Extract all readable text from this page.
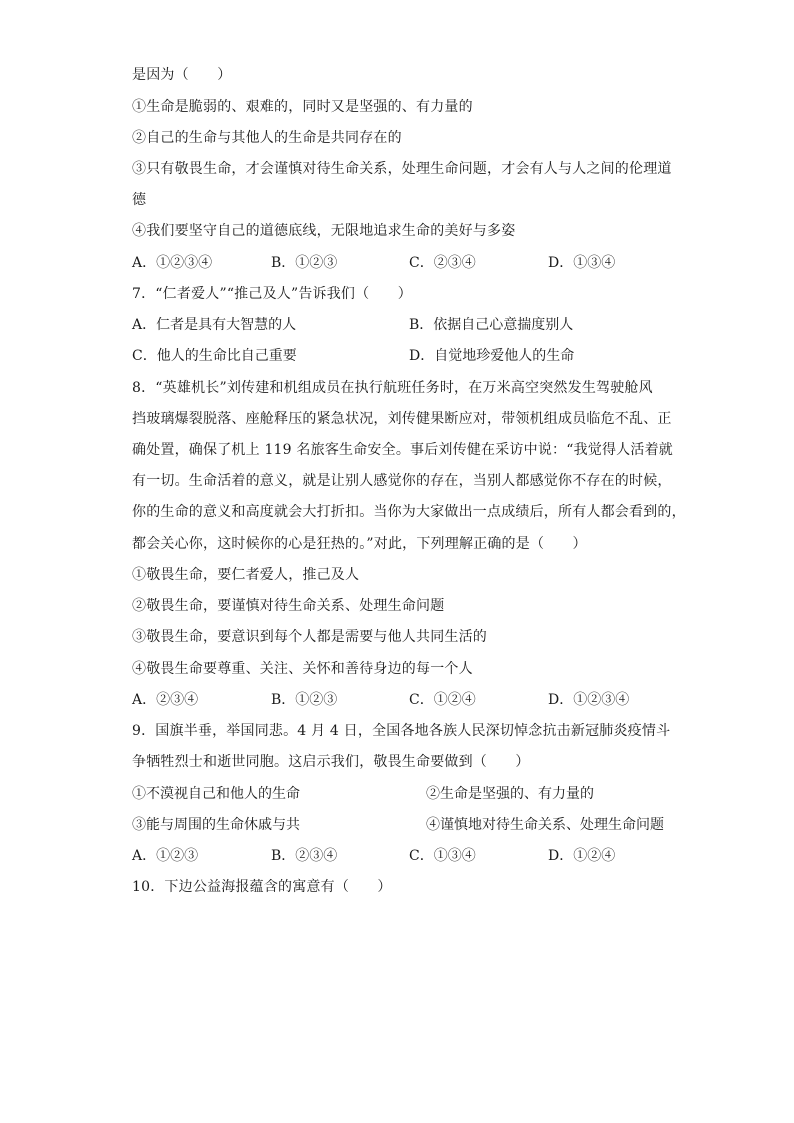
是因为（　　）
①生命是脆弱的、艰难的，同时又是坚强的、有力量的
②自己的生命与其他人的生命是共同存在的
③只有敬畏生命，才会谨慎对待生命关系，处理生命问题，才会有人与人之间的伦理道
德
④我们要坚守自己的道德底线，无限地追求生命的美好与多姿
A．①②③④	B．①②③	C．②③④	D．①③④
7．“仁者爱人”“推己及人”告诉我们（　　）
A．仁者是具有大智慧的人	B．依据自己心意揣度别人
C．他人的生命比自己重要	D．自觉地珍爱他人的生命
8．“英雄机长”刘传建和机组成员在执行航班任务时，在万米高空突然发生驾驶舱风
挡玻璃爆裂脱落、座舱释压的紧急状况，刘传健果断应对，带领机组成员临危不乱、正
确处置，确保了机上 119 名旅客生命安全。事后刘传健在采访中说：“我觉得人活着就
有一切。生命活着的意义，就是让别人感觉你的存在，当别人都感觉你不存在的时候，
你的生命的意义和高度就会大打折扣。当你为大家做出一点成绩后，所有人都会看到的，
都会关心你，这时候你的心是狂热的。”对此，下列理解正确的是（　　）
①敬畏生命，要仁者爱人，推己及人
②敬畏生命，要谨慎对待生命关系、处理生命问题
③敬畏生命，要意识到每个人都是需要与他人共同生活的
④敬畏生命要尊重、关注、关怀和善待身边的每一个人
A．②③④	B．①②③	C．①②④	D．①②③④
9．国旗半垂，举国同悲。4 月 4 日，全国各地各族人民深切悼念抗击新冠肺炎疫情斗
争牺牲烈士和逝世同胞。这启示我们，敬畏生命要做到（　　）
①不漠视自己和他人的生命	②生命是坚强的、有力量的
③能与周围的生命休戚与共	④谨慎地对待生命关系、处理生命问题
A．①②③	B．②③④	C．①③④	D．①②④
10．下边公益海报蕴含的寓意有（　　）
